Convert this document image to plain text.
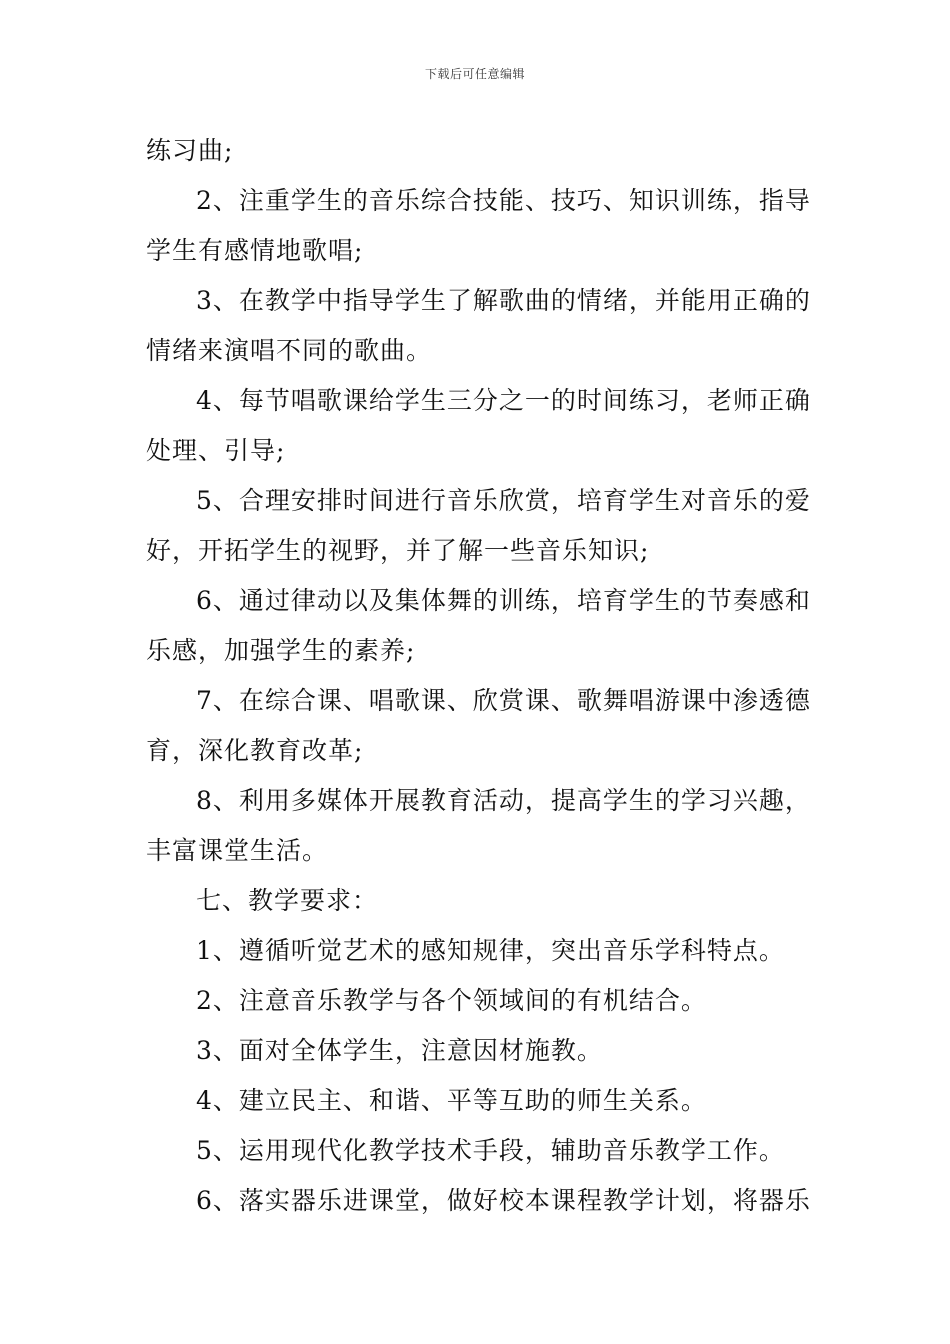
下载后可任意编辑
练习曲;
2、注重学生的音乐综合技能、技巧、知识训练，指导
学生有感情地歌唱;
3、在教学中指导学生了解歌曲的情绪，并能用正确的
情绪来演唱不同的歌曲。
4、每节唱歌课给学生三分之一的时间练习，老师正确
处理、引导;
5、合理安排时间进行音乐欣赏，培育学生对音乐的爱
好，开拓学生的视野，并了解一些音乐知识;
6、通过律动以及集体舞的训练，培育学生的节奏感和
乐感，加强学生的素养;
7、在综合课、唱歌课、欣赏课、歌舞唱游课中渗透德
育，深化教育改革;
8、利用多媒体开展教育活动，提高学生的学习兴趣，
丰富课堂生活。
七、教学要求：
1、遵循听觉艺术的感知规律，突出音乐学科特点。
2、注意音乐教学与各个领域间的有机结合。
3、面对全体学生，注意因材施教。
4、建立民主、和谐、平等互助的师生关系。
5、运用现代化教学技术手段，辅助音乐教学工作。
6、落实器乐进课堂，做好校本课程教学计划，将器乐
